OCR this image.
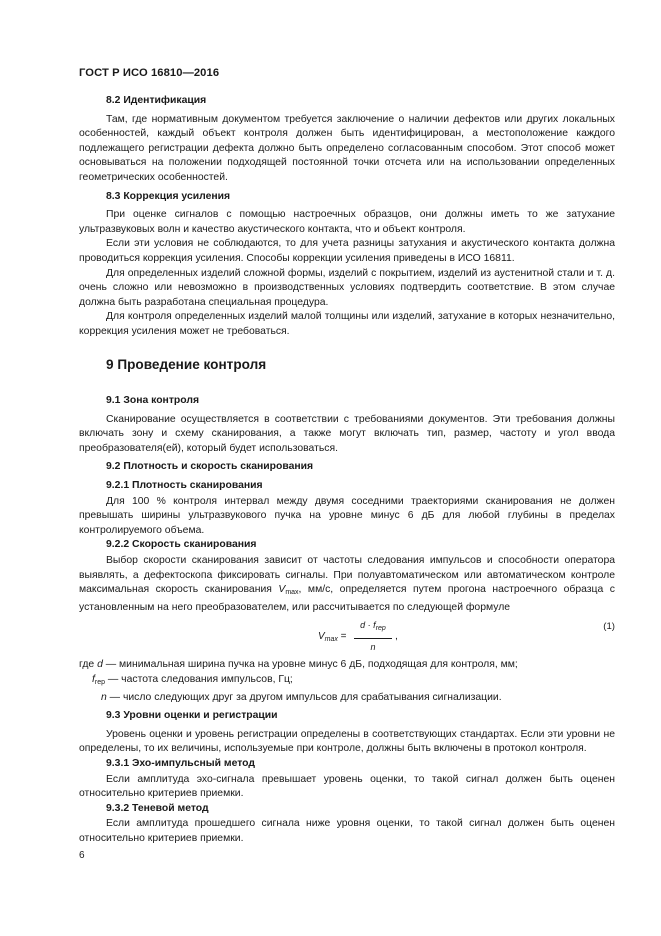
ГОСТ Р ИСО 16810—2016
8.2 Идентификация

Там, где нормативным документом требуется заключение о наличии дефектов или других локальных особенностей, каждый объект контроля должен быть идентифицирован, а местоположение каждого подлежащего регистрации дефекта должно быть определено согласованным способом. Этот способ может основываться на положении подходящей постоянной точки отсчета или на использовании определенных геометрических особенностей.

8.3 Коррекция усиления

При оценке сигналов с помощью настроечных образцов, они должны иметь то же затухание ультразвуковых волн и качество акустического контакта, что и объект контроля.

Если эти условия не соблюдаются, то для учета разницы затухания и акустического контакта должна проводиться коррекция усиления. Способы коррекции усиления приведены в ИСО 16811.

Для определенных изделий сложной формы, изделий с покрытием, изделий из аустенитной стали и т. д. очень сложно или невозможно в производственных условиях подтвердить соответствие. В этом случае должна быть разработана специальная процедура.

Для контроля определенных изделий малой толщины или изделий, затухание в которых незначительно, коррекция усиления может не требоваться.

9 Проведение контроля
9.1 Зона контроля

Сканирование осуществляется в соответствии с требованиями документов. Эти требования должны включать зону и схему сканирования, а также могут включать тип, размер, частоту и угол ввода преобразователя(ей), который будет использоваться.

9.2 Плотность и скорость сканирования
9.2.1 Плотность сканирования

Для 100 % контроля интервал между двумя соседними траекториями сканирования не должен превышать ширины ультразвукового пучка на уровне минус 6 дБ для любой глубины в пределах контролируемого объема.

9.2.2 Скорость сканирования

Выбор скорости сканирования зависит от частоты следования импульсов и способности оператора выявлять, а дефектоскопа фиксировать сигналы. При полуавтоматическом или автоматическом контроле максимальная скорость сканирования $V_{max}$, мм/с, определяется путем прогона настроечного образца с установленным на него преобразователем, или рассчитывается по следующей формуле

$V_{max}$ =
$d \cdot f_{rep}$
n
,
(1)
где d — минимальная ширина пучка на уровне минус 6 дБ, подходящая для контроля, мм;
$f_{rep}$ — частота следования импульсов, Гц;
n — число следующих друг за другом импульсов для срабатывания сигнализации.
9.3 Уровни оценки и регистрации

Уровень оценки и уровень регистрации определены в соответствующих стандартах. Если эти уровни не определены, то их величины, используемые при контроле, должны быть включены в протокол контроля.

9.3.1 Эхо-импульсный метод

Если амплитуда эхо-сигнала превышает уровень оценки, то такой сигнал должен быть оценен относительно критериев приемки.

9.3.2 Теневой метод

Если амплитуда прошедшего сигнала ниже уровня оценки, то такой сигнал должен быть оценен относительно критериев приемки.

6
